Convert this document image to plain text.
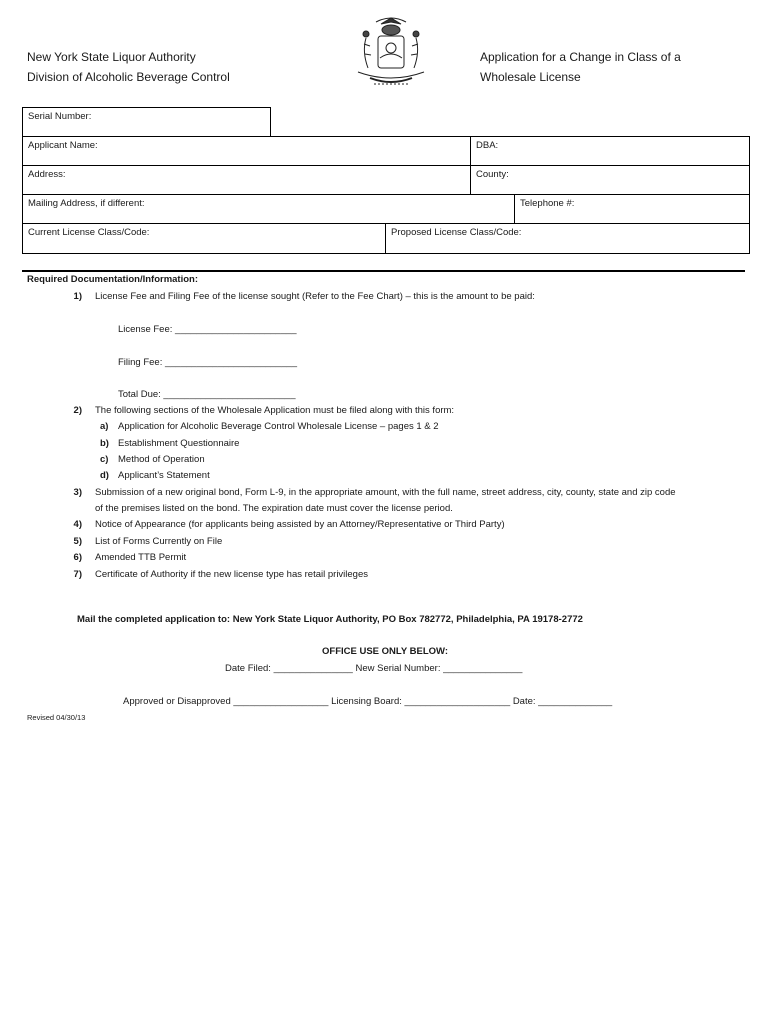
New York State Liquor Authority
Division of Alcoholic Beverage Control
Application for a Change in Class of a
Wholesale License
Serial Number:
Applicant Name:	DBA:
Address:	County:
Mailing Address, if different:	Telephone #:
Current License Class/Code:	Proposed License Class/Code:
Required Documentation/Information:
1) License Fee and Filing Fee of the license sought (Refer to the Fee Chart) – this is the amount to be paid:
License Fee: _______________________
Filing Fee: _________________________
Total Due: _________________________
2) The following sections of the Wholesale Application must be filed along with this form:
a) Application for Alcoholic Beverage Control Wholesale License – pages 1 & 2
b) Establishment Questionnaire
c) Method of Operation
d) Applicant’s Statement
3) Submission of a new original bond, Form L-9, in the appropriate amount, with the full name, street address, city, county, state and zip code
of the premises listed on the bond. The expiration date must cover the license period.
4) Notice of Appearance (for applicants being assisted by an Attorney/Representative or Third Party)
5) List of Forms Currently on File
6) Amended TTB Permit
7) Certificate of Authority if the new license type has retail privileges
Mail the completed application to: New York State Liquor Authority, PO Box 782772, Philadelphia, PA 19178-2772
OFFICE USE ONLY BELOW:
Date Filed: _______________ New Serial Number: _______________
Approved or Disapproved __________________ Licensing Board: ____________________ Date: ______________
Revised 04/30/13
